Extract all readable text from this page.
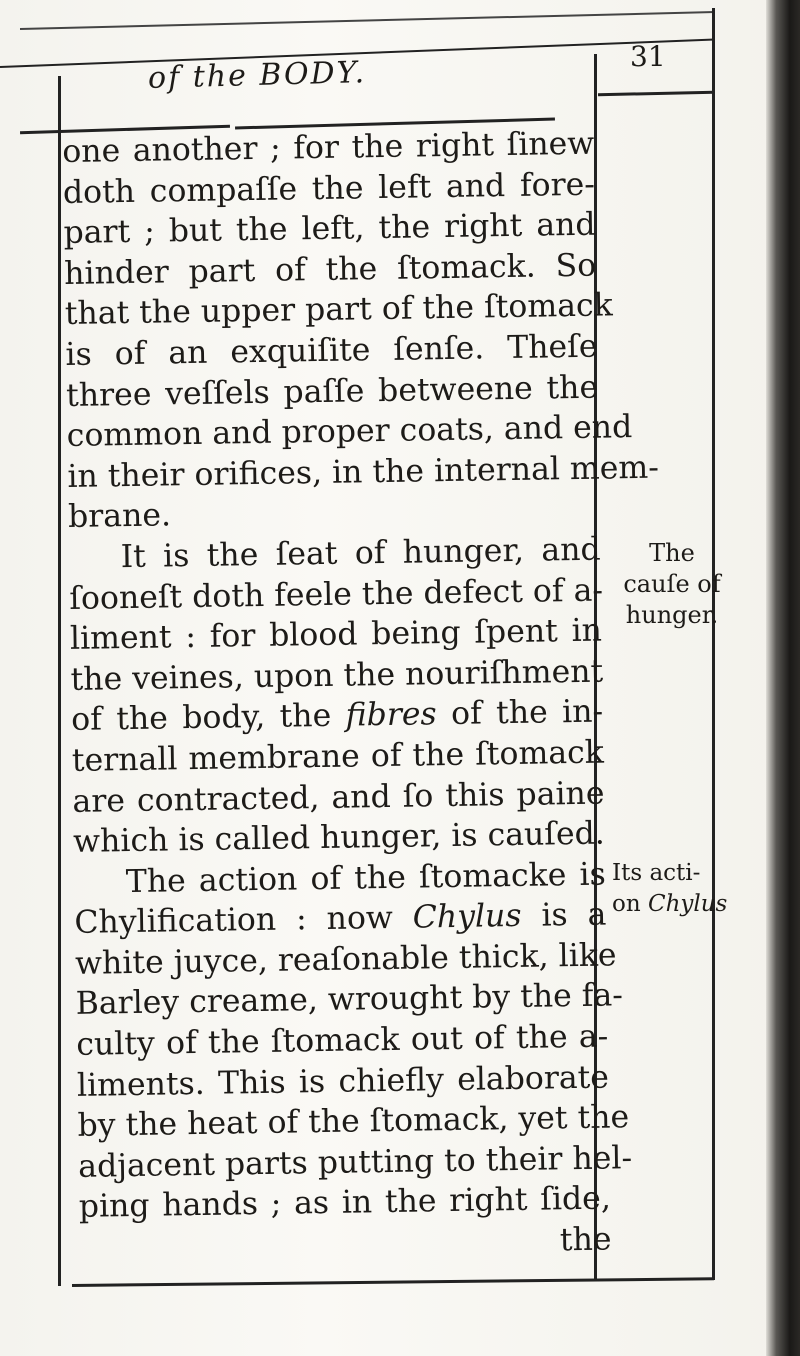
of the BODY.	31
one another ; for the right ſinew
doth compaſſe the left and fore-
part ; but the left, the right and
hinder part of the ſtomack. So
that the upper part of the ſtomack
is of an exquiſite ſenſe. Theſe
three veſſels paſſe betweene the
common and proper coats, and end
in their orifices, in the internal mem-
brane.
It is the ſeat of hunger, and
ſooneſt doth feele the defect of a-
liment : for blood being ſpent in
the veines, upon the nouriſhment
of the body, the fibres of the in-
ternall membrane of the ſtomack
are contracted, and ſo this paine
which is called hunger, is cauſed.
The action of the ſtomacke is
Chylification : now Chylus is a
white juyce, reaſonable thick, like
Barley creame, wrought by the fa-
culty of the ſtomack out of the a-
liments. This is chiefly elaborate
by the heat of the ſtomack, yet the
adjacent parts putting to their hel-
ping hands ; as in the right ſide,
the
The
cauſe of
hunger.
Its acti-
on Chylus
